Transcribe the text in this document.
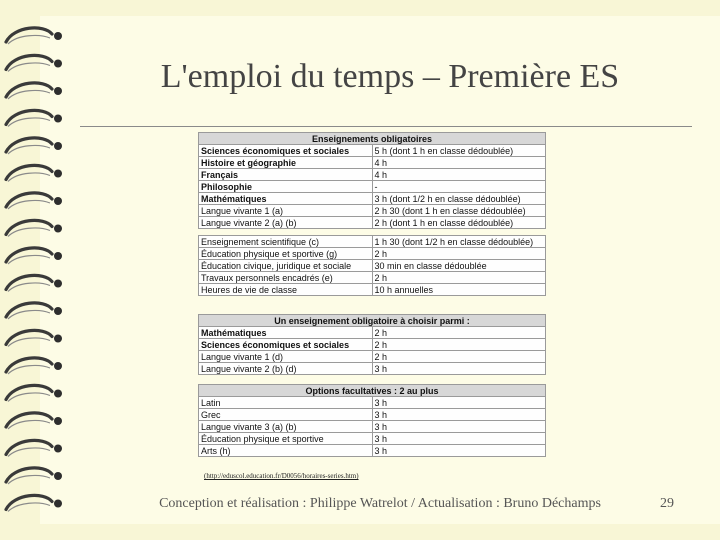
L'emploi du temps – Première ES
Enseignements obligatoires	
Sciences économiques et sociales	5 h (dont 1 h en classe dédoublée)
Histoire et géographie	4 h
Français	4 h
Philosophie	-
Mathématiques	3 h (dont 1/2 h en classe dédoublée)
Langue vivante 1 (a)	2 h 30 (dont 1 h en classe dédoublée)
Langue vivante 2 (a) (b)	2 h (dont 1 h en classe dédoublée)

Enseignement scientifique (c)	1 h 30 (dont 1/2 h en classe dédoublée)
Éducation physique et sportive (g)	2 h
Éducation civique, juridique et sociale	30 min en classe dédoublée
Travaux personnels encadrés (e)	2 h
Heures de vie de classe	10 h annuelles
Un enseignement obligatoire à choisir parmi :	
Mathématiques	2 h
Sciences économiques et sociales	2 h
Langue vivante 1 (d)	2 h
Langue vivante 2 (b) (d)	3 h
Options facultatives : 2 au plus	
Latin	3 h
Grec	3 h
Langue vivante 3 (a) (b)	3 h
Éducation physique et sportive	3 h
Arts (h)	3 h
(http://eduscol.education.fr/D0056/horaires-series.htm)
Conception et réalisation : Philippe Watrelot / Actualisation : Bruno Déchamps	29
